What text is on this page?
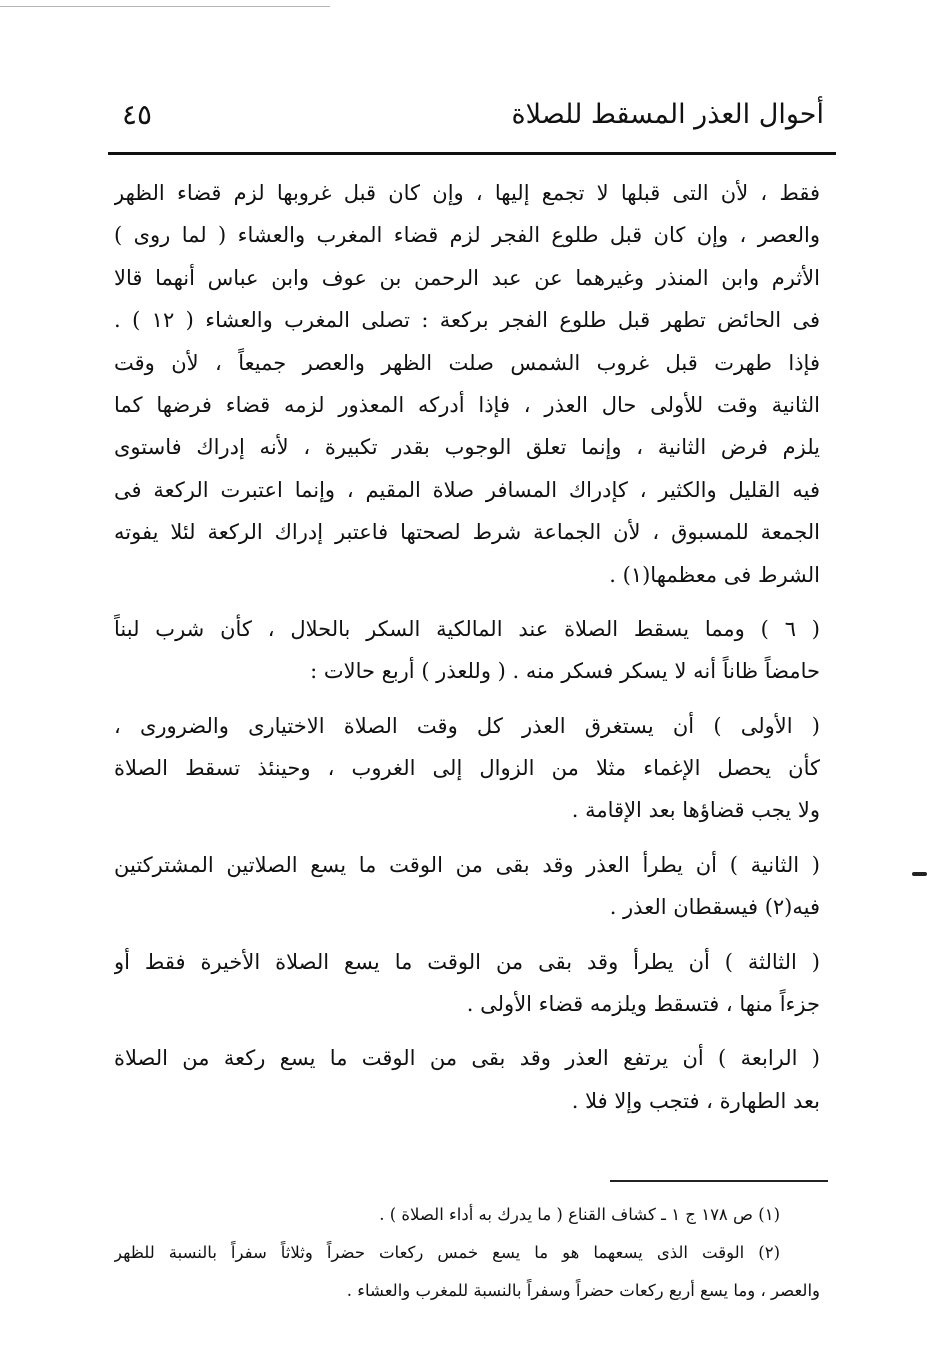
٤٥	أحوال العذر المسقط للصلاة
فقط ، لأن التى قبلها لا تجمع إليها ، وإن كان قبل غروبها لزم قضاء الظهر
والعصر ، وإن كان قبل طلوع الفجر لزم قضاء المغرب والعشاء ( لما روى )
الأثرم وابن المنذر وغيرهما عن عبد الرحمن بن عوف وابن عباس أنهما قالا
فى الحائض تطهر قبل طلوع الفجر بركعة : تصلى المغرب والعشاء ( ١٢ ) .
فإذا طهرت قبل غروب الشمس صلت الظهر والعصر جميعاً ، لأن وقت
الثانية وقت للأولى حال العذر ، فإذا أدركه المعذور لزمه قضاء فرضها كما
يلزم فرض الثانية ، وإنما تعلق الوجوب بقدر تكبيرة ، لأنه إدراك فاستوى
فيه القليل والكثير ، كإدراك المسافر صلاة المقيم ، وإنما اعتبرت الركعة فى
الجمعة للمسبوق ، لأن الجماعة شرط لصحتها فاعتبر إدراك الركعة لئلا يفوته
الشرط فى معظمها(١) .
( ٦ ) ومما يسقط الصلاة عند المالكية السكر بالحلال ، كأن شرب لبناً
حامضاً ظاناً أنه لا يسكر فسكر منه . ( وللعذر ) أربع حالات :
( الأولى ) أن يستغرق العذر كل وقت الصلاة الاختيارى والضرورى ،
كأن يحصل الإغماء مثلا من الزوال إلى الغروب ، وحينئذ تسقط الصلاة
ولا يجب قضاؤها بعد الإقامة .
( الثانية ) أن يطرأ العذر وقد بقى من الوقت ما يسع الصلاتين المشتركتين
فيه(٢) فيسقطان العذر .
( الثالثة ) أن يطرأ وقد بقى من الوقت ما يسع الصلاة الأخيرة فقط أو
جزءاً منها ، فتسقط ويلزمه قضاء الأولى .
( الرابعة ) أن يرتفع العذر وقد بقى من الوقت ما يسع ركعة من الصلاة
بعد الطهارة ، فتجب وإلا فلا .
(١) ص ١٧٨ ج ١ ـ كشاف القناع ( ما يدرك به أداء الصلاة ) .
(٢) الوقت الذى يسعهما هو ما يسع خمس ركعات حضراً وثلاثاً سفراً بالنسبة للظهر
والعصر ، وما يسع أربع ركعات حضراً وسفراً بالنسبة للمغرب والعشاء .
